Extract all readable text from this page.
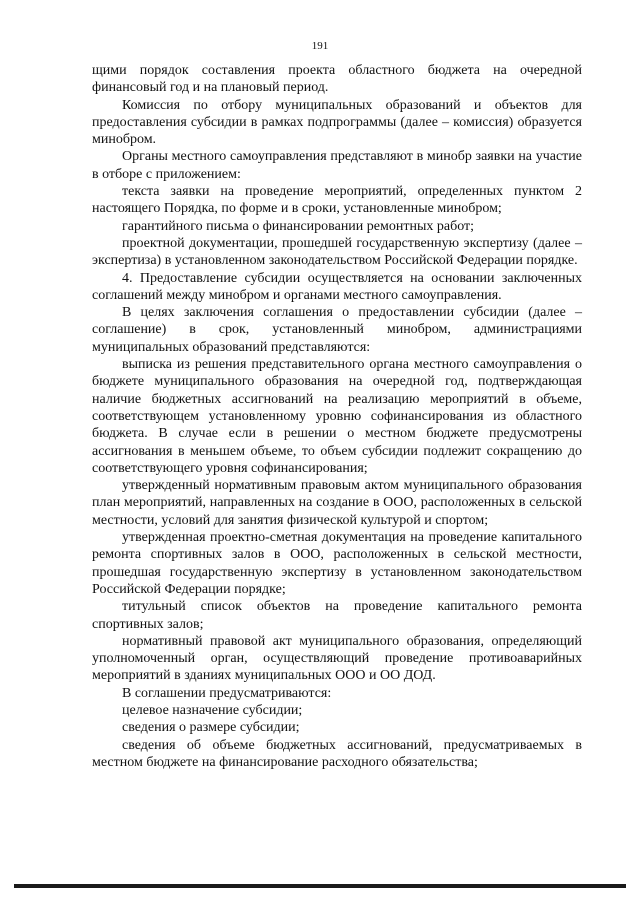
191

щими порядок составления проекта областного бюджета на очередной финансовый год и на плановый период.

Комиссия по отбору муниципальных образований и объектов для предоставления субсидии в рамках подпрограммы (далее – комиссия) образуется минобром.

Органы местного самоуправления представляют в минобр заявки на участие в отборе с приложением:

текста заявки на проведение мероприятий, определенных пунктом 2 настоящего Порядка, по форме и в сроки, установленные минобром;

гарантийного письма о финансировании ремонтных работ;

проектной документации, прошедшей государственную экспертизу (далее – экспертиза) в установленном законодательством Российской Федерации порядке.

4. Предоставление субсидии осуществляется на основании заключенных соглашений между минобром и органами местного самоуправления.

В целях заключения соглашения о предоставлении субсидии (далее – соглашение) в срок, установленный минобром, администрациями муниципальных образований представляются:

выписка из решения представительного органа местного самоуправления о бюджете муниципального образования на очередной год, подтверждающая наличие бюджетных ассигнований на реализацию мероприятий в объеме, соответствующем установленному уровню софинансирования из областного бюджета. В случае если в решении о местном бюджете предусмотрены ассигнования в меньшем объеме, то объем субсидии подлежит сокращению до соответствующего уровня софинансирования;

утвержденный нормативным правовым актом муниципального образования план мероприятий, направленных на создание в ООО, расположенных в сельской местности, условий для занятия физической культурой и спортом;

утвержденная проектно-сметная документация на проведение капитального ремонта спортивных залов в ООО, расположенных в сельской местности, прошедшая государственную экспертизу в установленном законодательством Российской Федерации порядке;

титульный список объектов на проведение капитального ремонта спортивных залов;

нормативный правовой акт муниципального образования, определяющий уполномоченный орган, осуществляющий проведение противоаварийных мероприятий в зданиях муниципальных ООО и ОО ДОД.

В соглашении предусматриваются:

целевое назначение субсидии;

сведения о размере субсидии;

сведения об объеме бюджетных ассигнований, предусматриваемых в местном бюджете на финансирование расходного обязательства;
